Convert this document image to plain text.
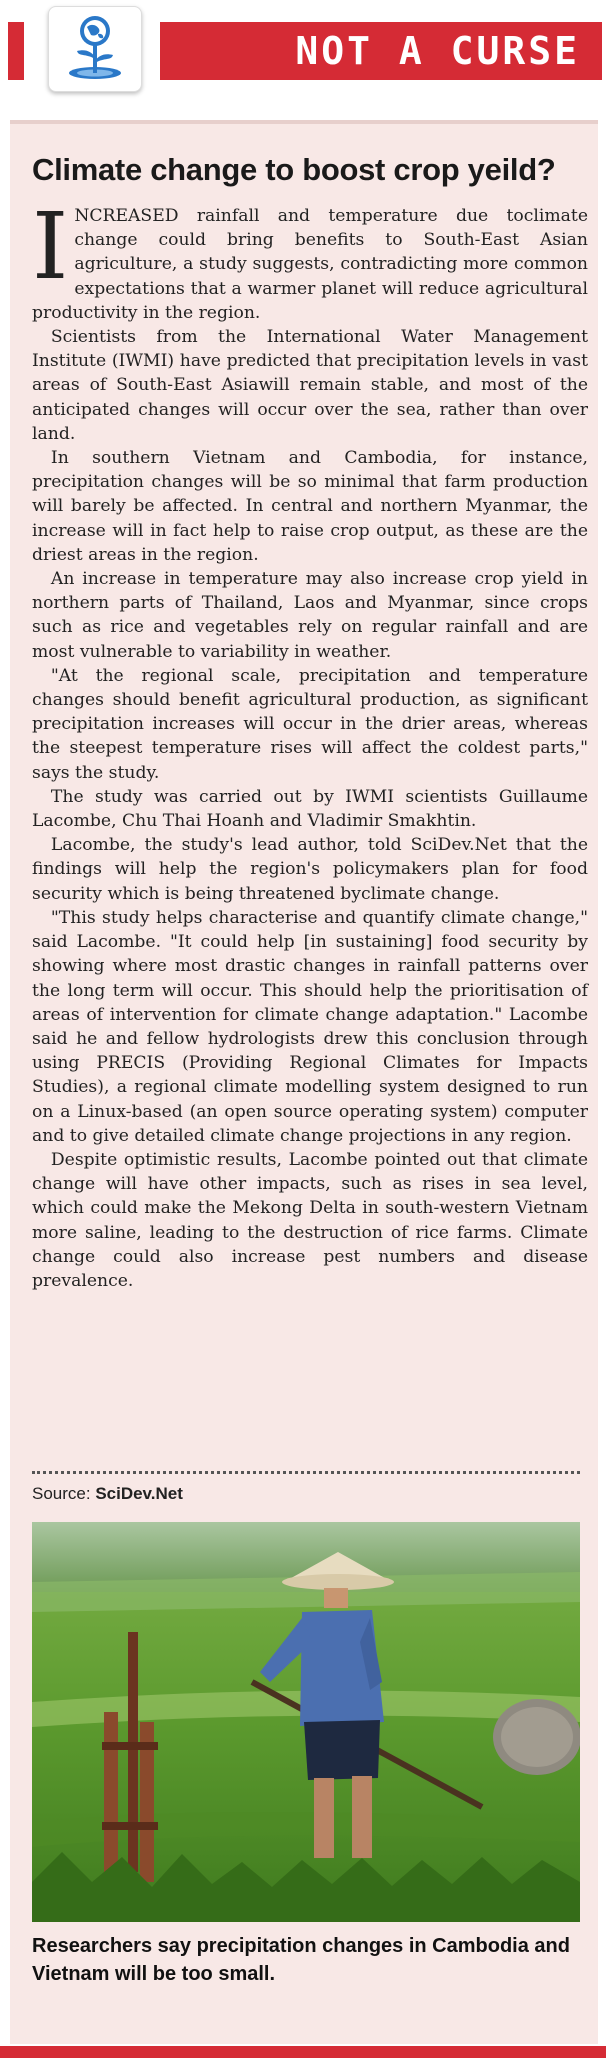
NOT A CURSE
Climate change to boost crop yeild?

INCREASED rainfall and temperature due toclimate change could bring benefits to South-East Asian agriculture, a study suggests, contradicting more common expectations that a warmer planet will reduce agricultural productivity in the region.

Scientists from the International Water Management Institute (IWMI) have predicted that precipitation levels in vast areas of South-East Asiawill remain stable, and most of the anticipated changes will occur over the sea, rather than over land.

In southern Vietnam and Cambodia, for instance, precipitation changes will be so minimal that farm production will barely be affected. In central and northern Myanmar, the increase will in fact help to raise crop output, as these are the driest areas in the region.

An increase in temperature may also increase crop yield in northern parts of Thailand, Laos and Myanmar, since crops such as rice and vegetables rely on regular rainfall and are most vulnerable to variability in weather.

"At the regional scale, precipitation and temperature changes should benefit agricultural production, as significant precipitation increases will occur in the drier areas, whereas the steepest temperature rises will affect the coldest parts," says the study.

The study was carried out by IWMI scientists Guillaume Lacombe, Chu Thai Hoanh and Vladimir Smakhtin.

Lacombe, the study's lead author, told SciDev.Net that the findings will help the region's policymakers plan for food security which is being threatened byclimate change.

"This study helps characterise and quantify climate change," said Lacombe. "It could help [in sustaining] food security by showing where most drastic changes in rainfall patterns over the long term will occur. This should help the prioritisation of areas of intervention for climate change adaptation." Lacombe said he and fellow hydrologists drew this conclusion through using PRECIS (Providing Regional Climates for Impacts Studies), a regional climate modelling system designed to run on a Linux-based (an open source operating system) computer and to give detailed climate change projections in any region.

Despite optimistic results, Lacombe pointed out that climate change will have other impacts, such as rises in sea level, which could make the Mekong Delta in south-western Vietnam more saline, leading to the destruction of rice farms. Climate change could also increase pest numbers and disease prevalence.

Source: SciDev.Net

Researchers say precipitation changes in Cambodia and Vietnam will be too small.
